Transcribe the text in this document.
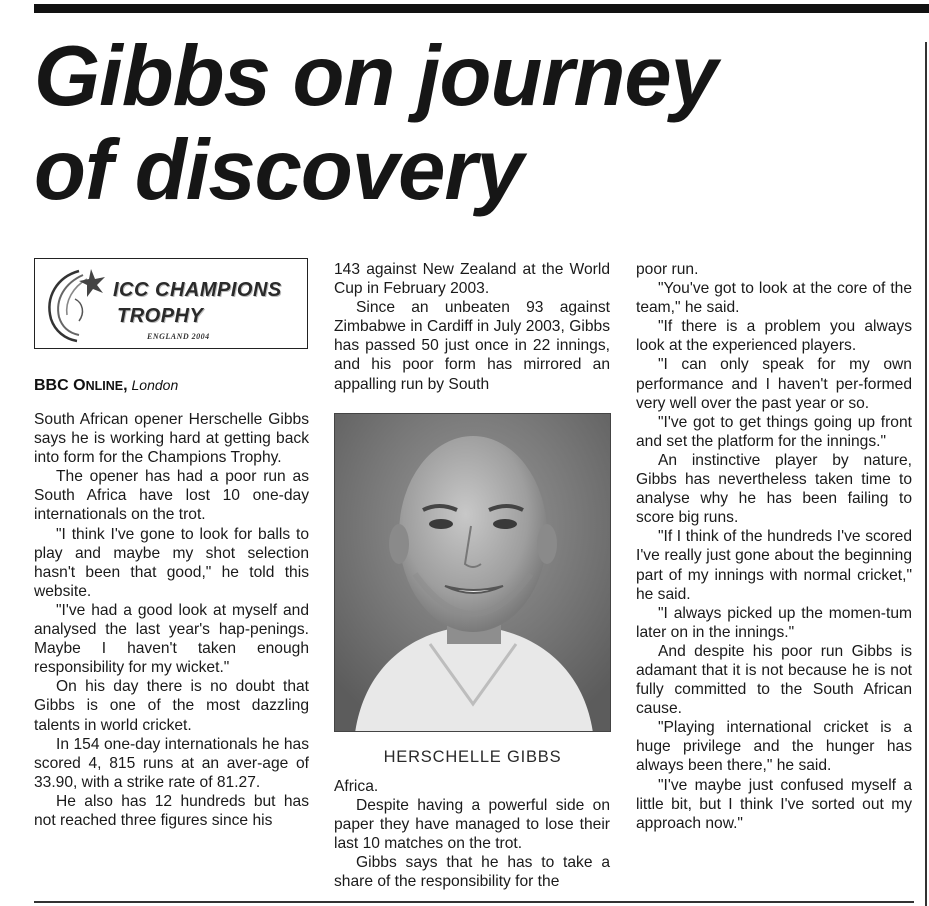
Gibbs on journey
of discovery
ICC CHAMPIONS
TROPHY
ENGLAND 2004
BBC ONLINE, London

South African opener Herschelle Gibbs says he is working hard at getting back into form for the Champions Trophy.

The opener has had a poor run as South Africa have lost 10 one-day internationals on the trot.

"I think I've gone to look for balls to play and maybe my shot selection hasn't been that good," he told this website.

"I've had a good look at myself and analysed the last year's hap-penings. Maybe I haven't taken enough responsibility for my wicket."

On his day there is no doubt that Gibbs is one of the most dazzling talents in world cricket.

In 154 one-day internationals he has scored 4, 815 runs at an aver-age of 33.90, with a strike rate of 81.27.

He also has 12 hundreds but has not reached three figures since his

143 against New Zealand at the World Cup in February 2003.

Since an unbeaten 93 against Zimbabwe in Cardiff in July 2003, Gibbs has passed 50 just once in 22 innings, and his poor form has mirrored an appalling run by South

HERSCHELLE GIBBS

Africa.

Despite having a powerful side on paper they have managed to lose their last 10 matches on the trot.

Gibbs says that he has to take a share of the responsibility for the

poor run.

"You've got to look at the core of the team," he said.

"If there is a problem you always look at the experienced players.

"I can only speak for my own performance and I haven't per-formed very well over the past year or so.

"I've got to get things going up front and set the platform for the innings."

An instinctive player by nature, Gibbs has nevertheless taken time to analyse why he has been failing to score big runs.

"If I think of the hundreds I've scored I've really just gone about the beginning part of my innings with normal cricket," he said.

"I always picked up the momen-tum later on in the innings."

And despite his poor run Gibbs is adamant that it is not because he is not fully committed to the South African cause.

"Playing international cricket is a huge privilege and the hunger has always been there," he said.

"I've maybe just confused myself a little bit, but I think I've sorted out my approach now."
